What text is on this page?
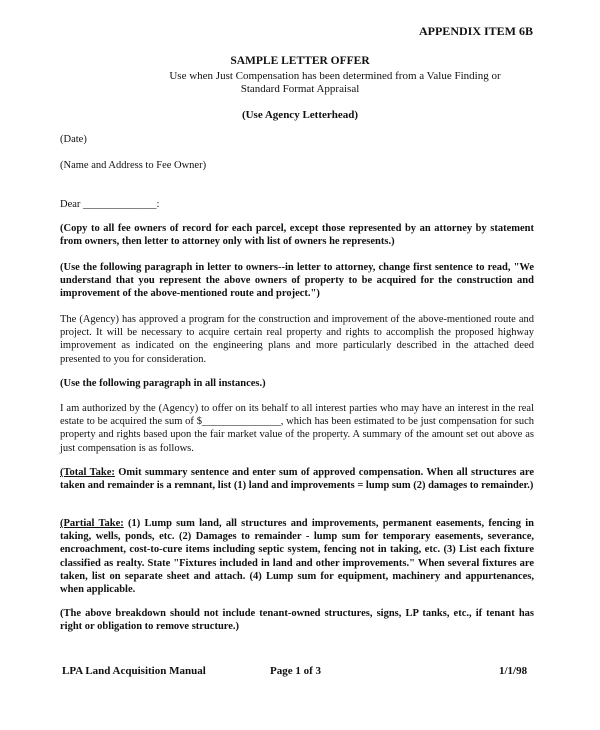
APPENDIX ITEM 6B
SAMPLE LETTER OFFER
Use when Just Compensation has been determined from a Value Finding or
Standard Format Appraisal
(Use Agency Letterhead)
(Date)
(Name and Address to Fee Owner)
Dear ______________:
(Copy to all fee owners of record for each parcel, except those represented by an attorney by statement from owners, then letter to attorney only with list of owners he represents.)
(Use the following paragraph in letter to owners--in letter to attorney, change first sentence to read, "We understand that you represent the above owners of property to be acquired for the construction and improvement of the above-mentioned route and project.")
The (Agency) has approved a program for the construction and improvement of the above-mentioned route and project. It will be necessary to acquire certain real property and rights to accomplish the proposed highway improvement as indicated on the engineering plans and more particularly described in the attached deed presented to you for consideration.
(Use the following paragraph in all instances.)
I am authorized by the (Agency) to offer on its behalf to all interest parties who may have an interest in the real estate to be acquired the sum of $_______________, which has been estimated to be just compensation for such property and rights based upon the fair market value of the property. A summary of the amount set out above as just compensation is as follows.
(Total Take: Omit summary sentence and enter sum of approved compensation. When all structures are taken and remainder is a remnant, list (1) land and improvements = lump sum (2) damages to remainder.)
(Partial Take: (1) Lump sum land, all structures and improvements, permanent easements, fencing in taking, wells, ponds, etc. (2) Damages to remainder - lump sum for temporary easements, severance, encroachment, cost-to-cure items including septic system, fencing not in taking, etc. (3) List each fixture classified as realty. State "Fixtures included in land and other improvements." When several fixtures are taken, list on separate sheet and attach. (4) Lump sum for equipment, machinery and appurtenances, when applicable.
(The above breakdown should not include tenant-owned structures, signs, LP tanks, etc., if tenant has right or obligation to remove structure.)
LPA Land Acquisition Manual	Page 1 of 3	1/1/98
